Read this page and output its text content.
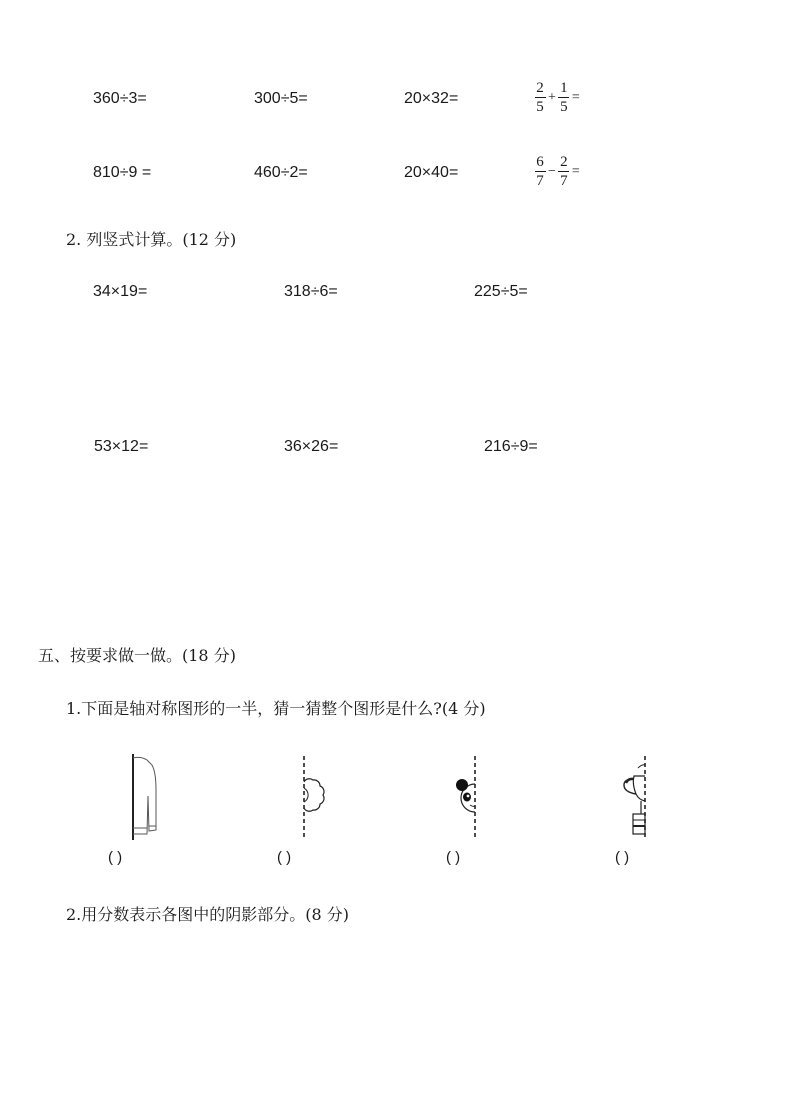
360÷3=	300÷5=	20×32=	$\frac{2}{5} + \frac{1}{5}$ =
810÷9 =	460÷2=	20×40=	$\frac{6}{7} - \frac{2}{7}$ =
2. 列竖式计算。(12 分)
34×19=	318÷6=	225÷5=
53×12=	36×26=	216÷9=
五、按要求做一做。(18 分)
1.下面是轴对称图形的一半，猜一猜整个图形是什么?(4 分)
( )	( )	( )	( )
2.用分数表示各图中的阴影部分。(8 分)
